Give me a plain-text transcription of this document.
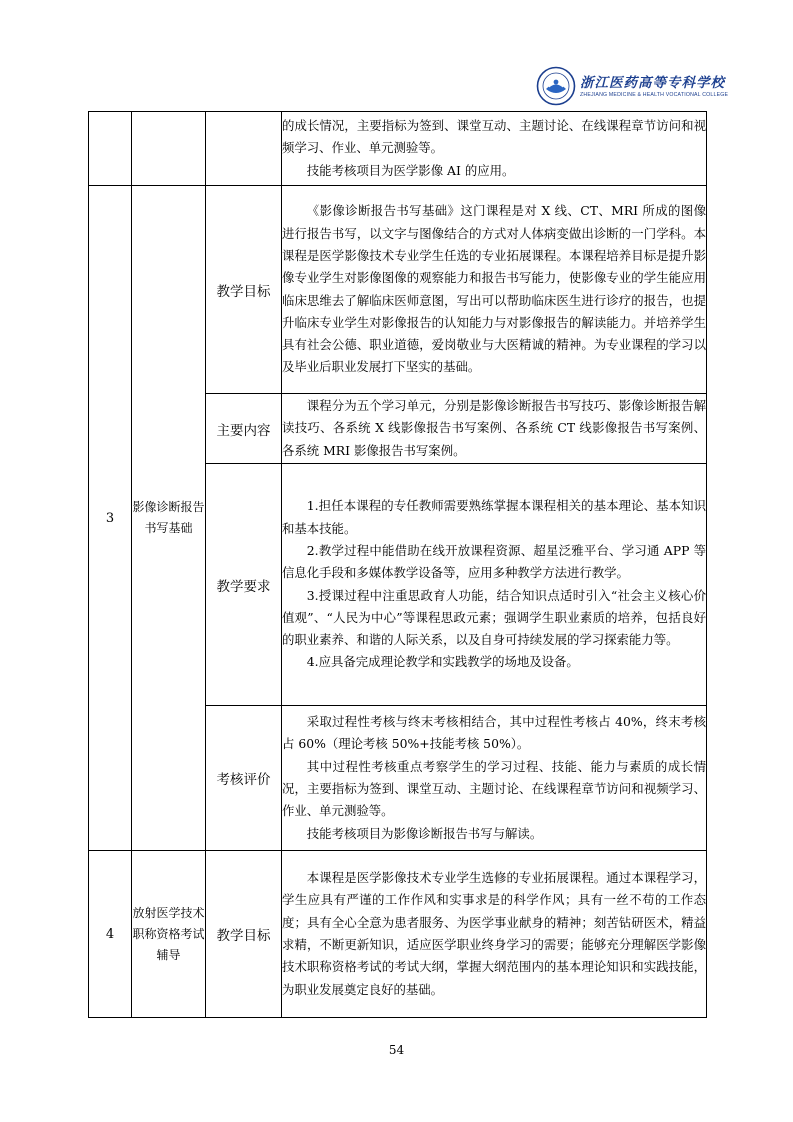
浙江医药高等专科学校
ZHEJIANG MEDICINE & HEALTH VOCATIONAL COLLEGE

			的成长情况，主要指标为签到、课堂互动、主题讨论、在线课程章节访问和视频学习、作业、单元测验等。

技能考核项目为医学影像 AI 的应用。

3	影像诊断报告书写基础	教学目标	《影像诊断报告书写基础》这门课程是对 X 线、CT、MRI 所成的图像进行报告书写，以文字与图像结合的方式对人体病变做出诊断的一门学科。本课程是医学影像技术专业学生任选的专业拓展课程。本课程培养目标是提升影像专业学生对影像图像的观察能力和报告书写能力，使影像专业的学生能应用临床思维去了解临床医师意图，写出可以帮助临床医生进行诊疗的报告，也提升临床专业学生对影像报告的认知能力与对影像报告的解读能力。并培养学生具有社会公德、职业道德，爱岗敬业与大医精诚的精神。为专业课程的学习以及毕业后职业发展打下坚实的基础。

		主要内容	课程分为五个学习单元，分别是影像诊断报告书写技巧、影像诊断报告解读技巧、各系统 X 线影像报告书写案例、各系统 CT 线影像报告书写案例、各系统 MRI 影像报告书写案例。

		教学要求	1.担任本课程的专任教师需要熟练掌握本课程相关的基本理论、基本知识和基本技能。

2.教学过程中能借助在线开放课程资源、超星泛雅平台、学习通 APP 等信息化手段和多媒体教学设备等，应用多种教学方法进行教学。

3.授课过程中注重思政育人功能，结合知识点适时引入“社会主义核心价值观”、“人民为中心”等课程思政元素；强调学生职业素质的培养，包括良好的职业素养、和谐的人际关系，以及自身可持续发展的学习探索能力等。

4.应具备完成理论教学和实践教学的场地及设备。

		考核评价	采取过程性考核与终末考核相结合，其中过程性考核占 40%，终末考核占 60%（理论考核 50%+技能考核 50%）。

其中过程性考核重点考察学生的学习过程、技能、能力与素质的成长情况，主要指标为签到、课堂互动、主题讨论、在线课程章节访问和视频学习、作业、单元测验等。

技能考核项目为影像诊断报告书写与解读。

4	放射医学技术职称资格考试辅导	教学目标	本课程是医学影像技术专业学生选修的专业拓展课程。通过本课程学习，学生应具有严谨的工作作风和实事求是的科学作风；具有一丝不苟的工作态度；具有全心全意为患者服务、为医学事业献身的精神；刻苦钻研医术，精益求精，不断更新知识，适应医学职业终身学习的需要；能够充分理解医学影像技术职称资格考试的考试大纲，掌握大纲范围内的基本理论知识和实践技能，为职业发展奠定良好的基础。

54
